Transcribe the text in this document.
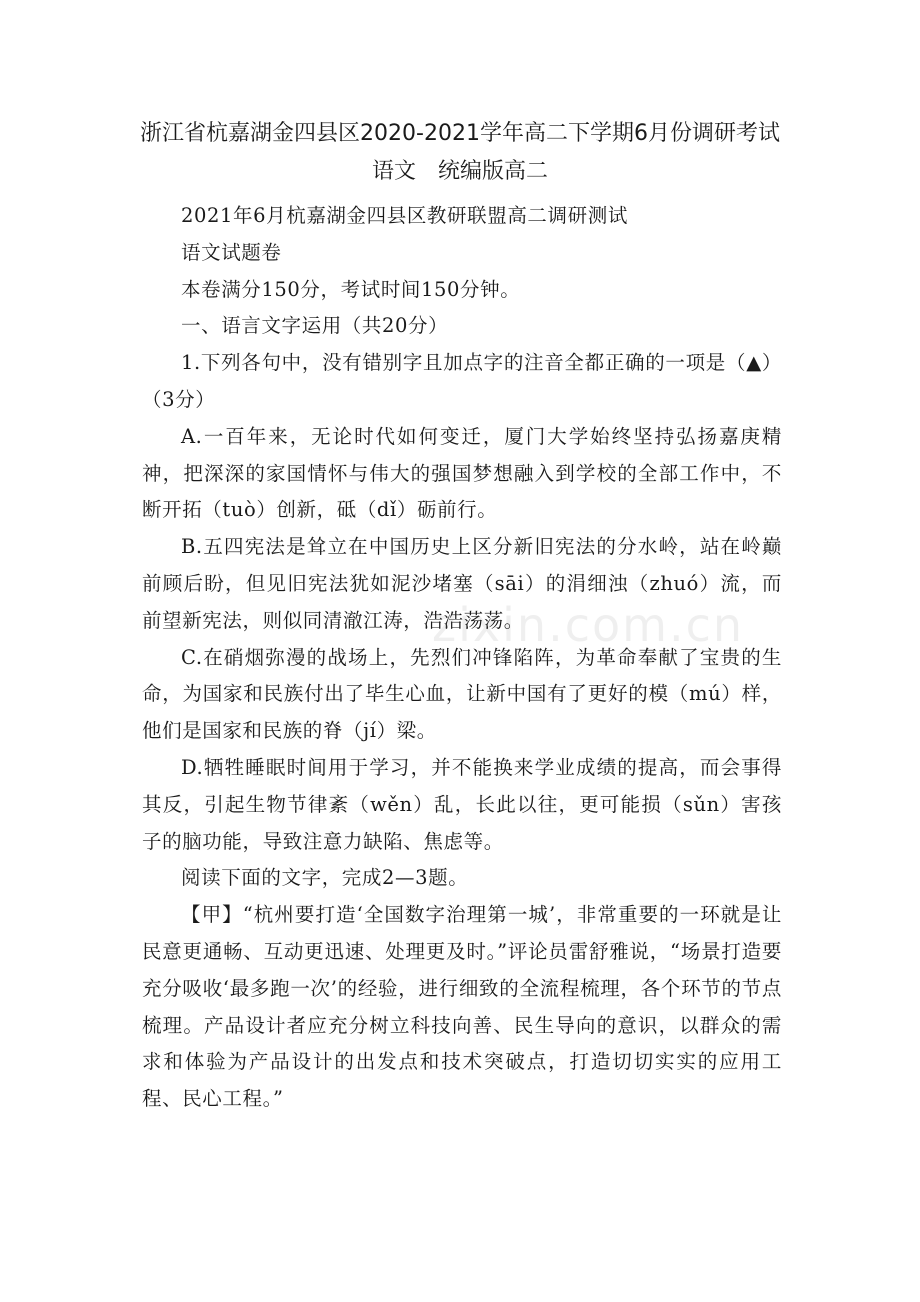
浙江省杭嘉湖金四县区2020-2021学年高二下学期6月份调研考试
语文　统编版高二

2021年6月杭嘉湖金四县区教研联盟高二调研测试

语文试题卷

本卷满分150分，考试时间150分钟。

一、语言文字运用（共20分）

1.下列各句中，没有错别字且加点字的注音全都正确的一项是（▲）（3分）

A.一百年来，无论时代如何变迁，厦门大学始终坚持弘扬嘉庚精神，把深深的家国情怀与伟大的强国梦想融入到学校的全部工作中，不断开拓（tuò）创新，砥（dǐ）砺前行。

B.五四宪法是耸立在中国历史上区分新旧宪法的分水岭，站在岭巅前顾后盼，但见旧宪法犹如泥沙堵塞（sāi）的涓细浊（zhuó）流，而前望新宪法，则似同清澈江涛，浩浩荡荡。

C.在硝烟弥漫的战场上，先烈们冲锋陷阵，为革命奉献了宝贵的生命，为国家和民族付出了毕生心血，让新中国有了更好的模（mú）样，他们是国家和民族的脊（jí）梁。

D.牺牲睡眠时间用于学习，并不能换来学业成绩的提高，而会事得其反，引起生物节律紊（wěn）乱，长此以往，更可能损（sǔn）害孩子的脑功能，导致注意力缺陷、焦虑等。

阅读下面的文字，完成2—3题。

【甲】“杭州要打造‘全国数字治理第一城’，非常重要的一环就是让民意更通畅、互动更迅速、处理更及时。”评论员雷舒雅说，“场景打造要充分吸收‘最多跑一次’的经验，进行细致的全流程梳理，各个环节的节点梳理。产品设计者应充分树立科技向善、民生导向的意识，以群众的需求和体验为产品设计的出发点和技术突破点，打造切切实实的应用工程、民心工程。”

zixin.com.cn
